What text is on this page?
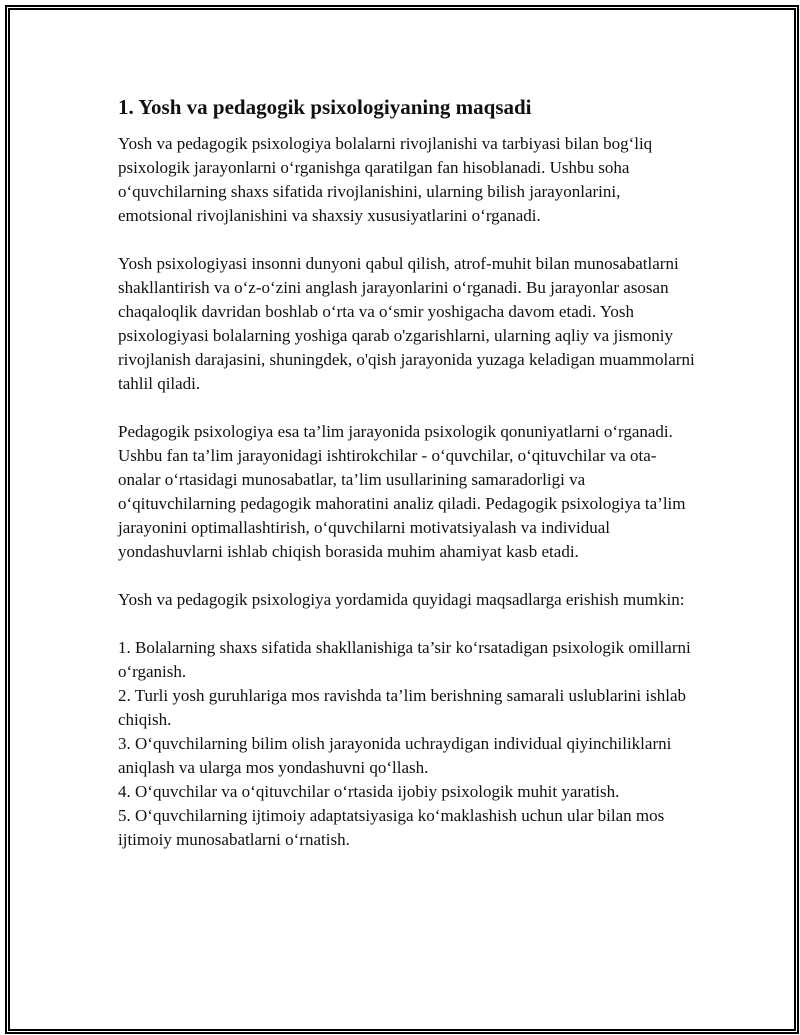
1. Yosh va pedagogik psixologiyaning maqsadi

Yosh va pedagogik psixologiya bolalarni rivojlanishi va tarbiyasi bilan bog‘liq psixologik jarayonlarni o‘rganishga qaratilgan fan hisoblanadi. Ushbu soha o‘quvchilarning shaxs sifatida rivojlanishini, ularning bilish jarayonlarini, emotsional rivojlanishini va shaxsiy xususiyatlarini o‘rganadi.

Yosh psixologiyasi insonni dunyoni qabul qilish, atrof-muhit bilan munosabatlarni shakllantirish va o‘z-o‘zini anglash jarayonlarini o‘rganadi. Bu jarayonlar asosan chaqaloqlik davridan boshlab o‘rta va o‘smir yoshigacha davom etadi. Yosh psixologiyasi bolalarning yoshiga qarab o'zgarishlarni, ularning aqliy va jismoniy rivojlanish darajasini, shuningdek, o'qish jarayonida yuzaga keladigan muammolarni tahlil qiladi.

Pedagogik psixologiya esa ta’lim jarayonida psixologik qonuniyatlarni o‘rganadi. Ushbu fan ta’lim jarayonidagi ishtirokchilar - o‘quvchilar, o‘qituvchilar va ota-onalar o‘rtasidagi munosabatlar, ta’lim usullarining samaradorligi va o‘qituvchilarning pedagogik mahoratini analiz qiladi. Pedagogik psixologiya ta’lim jarayonini optimallashtirish, o‘quvchilarni motivatsiyalash va individual yondashuvlarni ishlab chiqish borasida muhim ahamiyat kasb etadi.

Yosh va pedagogik psixologiya yordamida quyidagi maqsadlarga erishish mumkin:

1. Bolalarning shaxs sifatida shakllanishiga ta’sir ko‘rsatadigan psixologik omillarni o‘rganish.
2. Turli yosh guruhlariga mos ravishda ta’lim berishning samarali uslublarini ishlab chiqish.
3. O‘quvchilarning bilim olish jarayonida uchraydigan individual qiyinchiliklarni aniqlash va ularga mos yondashuvni qo‘llash.
4. O‘quvchilar va o‘qituvchilar o‘rtasida ijobiy psixologik muhit yaratish.
5. O‘quvchilarning ijtimoiy adaptatsiyasiga ko‘maklashish uchun ular bilan mos ijtimoiy munosabatlarni o‘rnatish.
